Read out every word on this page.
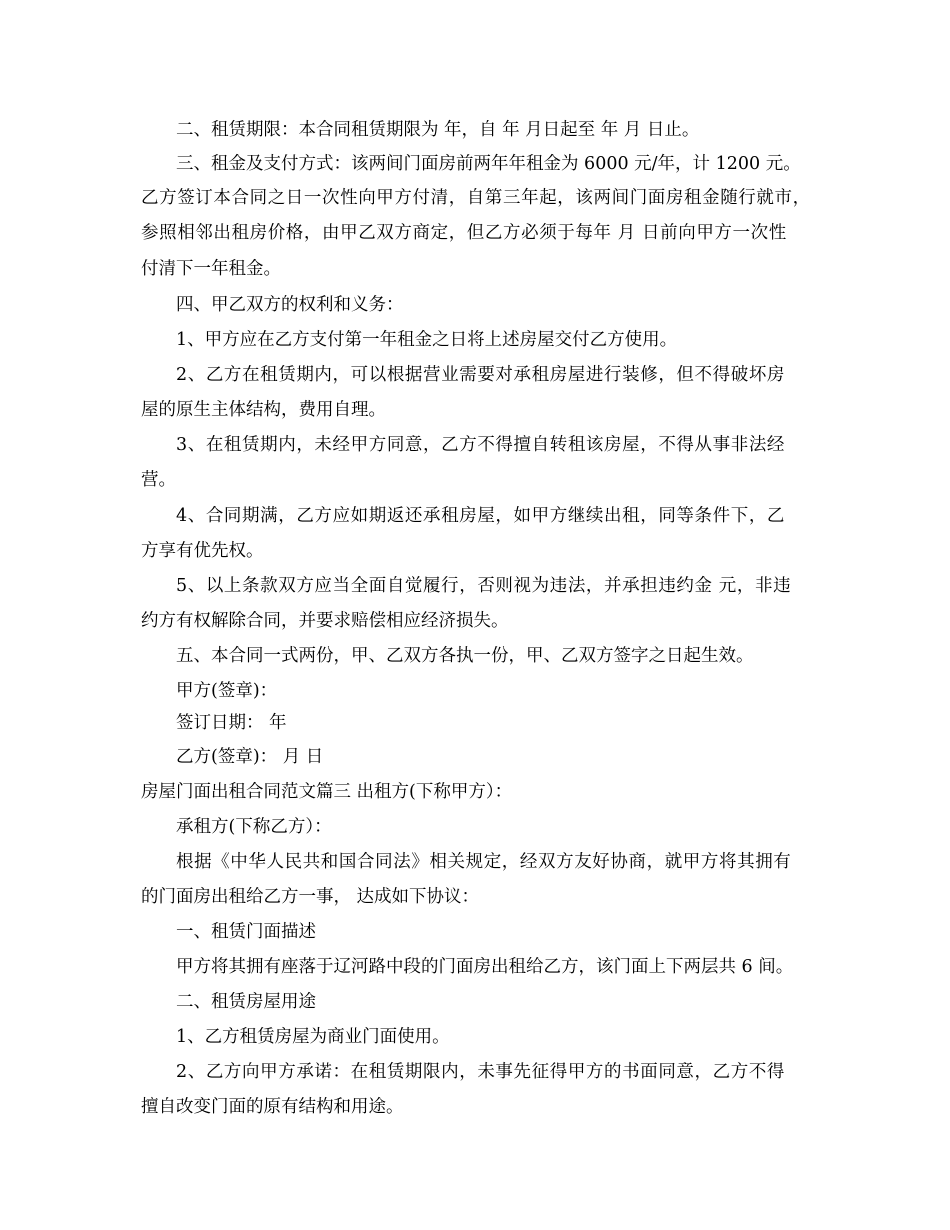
二、租赁期限：本合同租赁期限为 年，自 年 月日起至 年 月 日止。
三、租金及支付方式：该两间门面房前两年年租金为 6000 元/年，计 1200 元。
乙方签订本合同之日一次性向甲方付清，自第三年起，该两间门面房租金随行就市，
参照相邻出租房价格，由甲乙双方商定，但乙方必须于每年 月 日前向甲方一次性
付清下一年租金。
四、甲乙双方的权利和义务：
1、甲方应在乙方支付第一年租金之日将上述房屋交付乙方使用。
2、乙方在租赁期内，可以根据营业需要对承租房屋进行装修，但不得破坏房
屋的原生主体结构，费用自理。
3、在租赁期内，未经甲方同意，乙方不得擅自转租该房屋，不得从事非法经
营。
4、合同期满，乙方应如期返还承租房屋，如甲方继续出租，同等条件下，乙
方享有优先权。
5、以上条款双方应当全面自觉履行，否则视为违法，并承担违约金 元，非违
约方有权解除合同，并要求赔偿相应经济损失。
五、本合同一式两份，甲、乙双方各执一份，甲、乙双方签字之日起生效。
甲方(签章)：
签订日期： 年
乙方(签章)： 月 日
房屋门面出租合同范文篇三 出租方(下称甲方）：
承租方(下称乙方）：
根据《中华人民共和国合同法》相关规定，经双方友好协商，就甲方将其拥有
的门面房出租给乙方一事， 达成如下协议：
一、租赁门面描述
甲方将其拥有座落于辽河路中段的门面房出租给乙方，该门面上下两层共 6 间。
二、租赁房屋用途
1、乙方租赁房屋为商业门面使用。
2、乙方向甲方承诺：在租赁期限内，未事先征得甲方的书面同意，乙方不得
擅自改变门面的原有结构和用途。
